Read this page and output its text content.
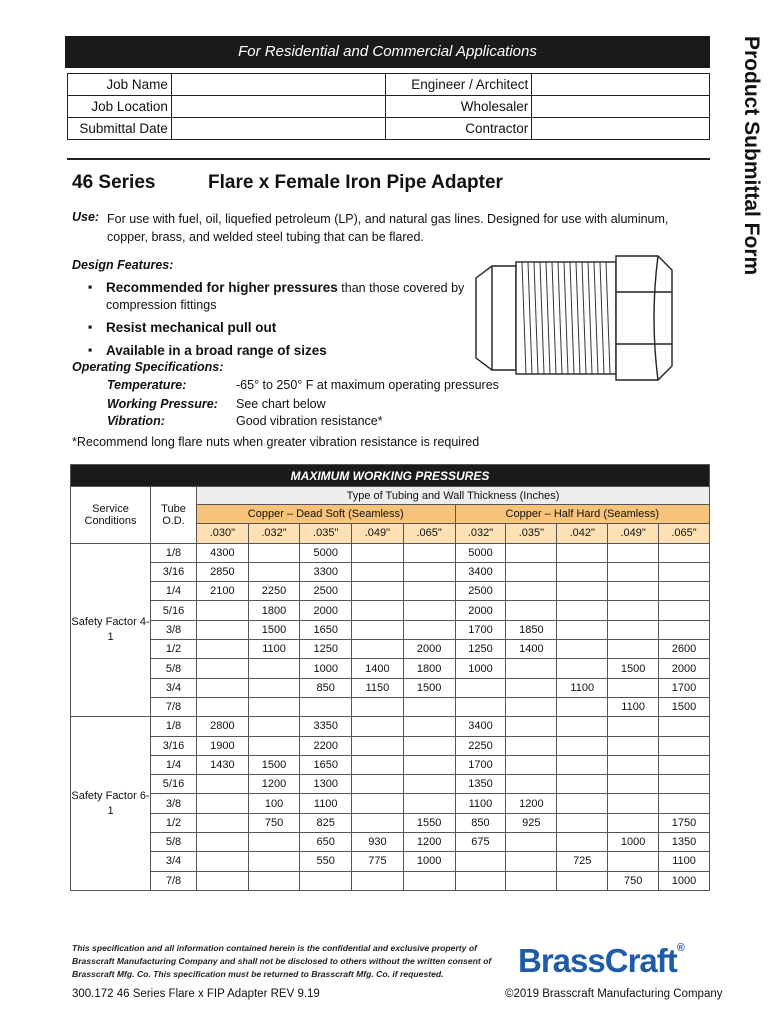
For Residential and Commercial Applications	Product Submittal Form
Job Name		Engineer / Architect	
Job Location		Wholesaler	
Submittal Date		Contractor	
46 Series	Flare x Female Iron Pipe Adapter
Use: For use with fuel, oil, liquefied petroleum (LP), and natural gas lines. Designed for use with aluminum, copper, brass, and welded steel tubing that can be flared.
Design Features:
▪ Recommended for higher pressures than those covered by compression fittings
▪ Resist mechanical pull out
▪ Available in a broad range of sizes
Operating Specifications:
Temperature:	-65° to 250° F at maximum operating pressures
Working Pressure: See chart below
Vibration:	Good vibration resistance*
*Recommend long flare nuts when greater vibration resistance is required
MAXIMUM WORKING PRESSURES											
Service Conditions	Tube O.D.	Type of Tubing and Wall Thickness (Inches)									
		Copper – Dead Soft (Seamless)					Copper – Half Hard (Seamless)				
		.030"	.032"	.035"	.049"	.065"	.032"	.035"	.042"	.049"	.065"
Safety Factor 4-1	1/8	4300		5000			5000				
	3/16	2850		3300			3400				
	1/4	2100	2250	2500			2500				
	5/16		1800	2000			2000				
	3/8		1500	1650			1700	1850			
	1/2		1100	1250		2000	1250	1400			2600
	5/8			1000	1400	1800	1000			1500	2000
	3/4			850	1150	1500			1100		1700
	7/8									1100	1500
Safety Factor 6-1	1/8	2800		3350			3400				
	3/16	1900		2200			2250				
	1/4	1430	1500	1650			1700				
	5/16		1200	1300			1350				
	3/8		100	1100			1100	1200			
	1/2		750	825		1550	850	925			1750
	5/8			650	930	1200	675			1000	1350
	3/4			550	775	1000			725		1100
	7/8									750	1000
This specification and all information contained herein is the confidential and exclusive property of Brasscraft Manufacturing Company and shall not be disclosed to others without the written consent of Brasscraft Mfg. Co. This specification must be returned to Brasscraft Mfg. Co. if requested.	BrassCraft®
300.172 46 Series Flare x FIP Adapter REV 9.19	©2019 Brasscraft Manufacturing Company
